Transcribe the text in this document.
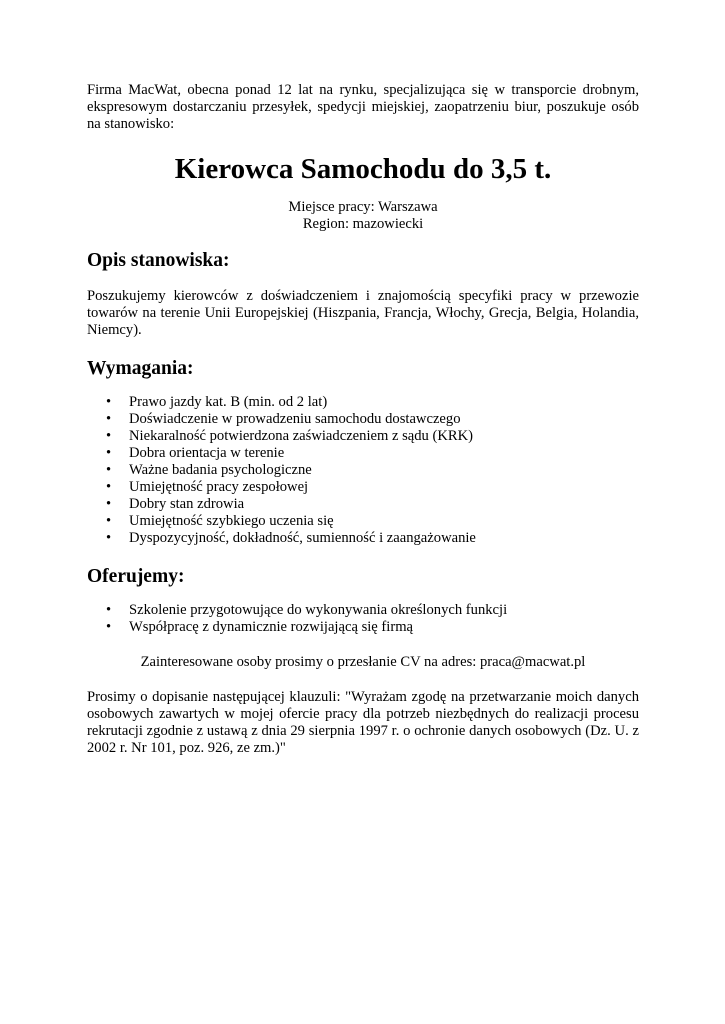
Firma MacWat, obecna ponad 12 lat na rynku, specjalizująca się w transporcie drobnym, ekspresowym dostarczaniu przesyłek, spedycji miejskiej, zaopatrzeniu biur, poszukuje osób na stanowisko:

Kierowca Samochodu do 3,5 t.
Miejsce pracy: Warszawa
Region: mazowiecki
Opis stanowiska:

Poszukujemy kierowców z doświadczeniem i znajomością specyfiki pracy w przewozie towarów na terenie Unii Europejskiej (Hiszpania, Francja, Włochy, Grecja, Belgia, Holandia, Niemcy).

Wymagania:
• Prawo jazdy kat. B (min. od 2 lat)
• Doświadczenie w prowadzeniu samochodu dostawczego
• Niekaralność potwierdzona zaświadczeniem z sądu (KRK)
• Dobra orientacja w terenie
• Ważne badania psychologiczne
• Umiejętność pracy zespołowej
• Dobry stan zdrowia
• Umiejętność szybkiego uczenia się
• Dyspozycyjność, dokładność, sumienność i zaangażowanie
Oferujemy:
• Szkolenie przygotowujące do wykonywania określonych funkcji
• Współpracę z dynamicznie rozwijającą się firmą

Zainteresowane osoby prosimy o przesłanie CV na adres: praca@macwat.pl

Prosimy o dopisanie następującej klauzuli: "Wyrażam zgodę na przetwarzanie moich danych osobowych zawartych w mojej ofercie pracy dla potrzeb niezbędnych do realizacji procesu rekrutacji zgodnie z ustawą z dnia 29 sierpnia 1997 r. o ochronie danych osobowych (Dz. U. z 2002 r. Nr 101, poz. 926, ze zm.)"
